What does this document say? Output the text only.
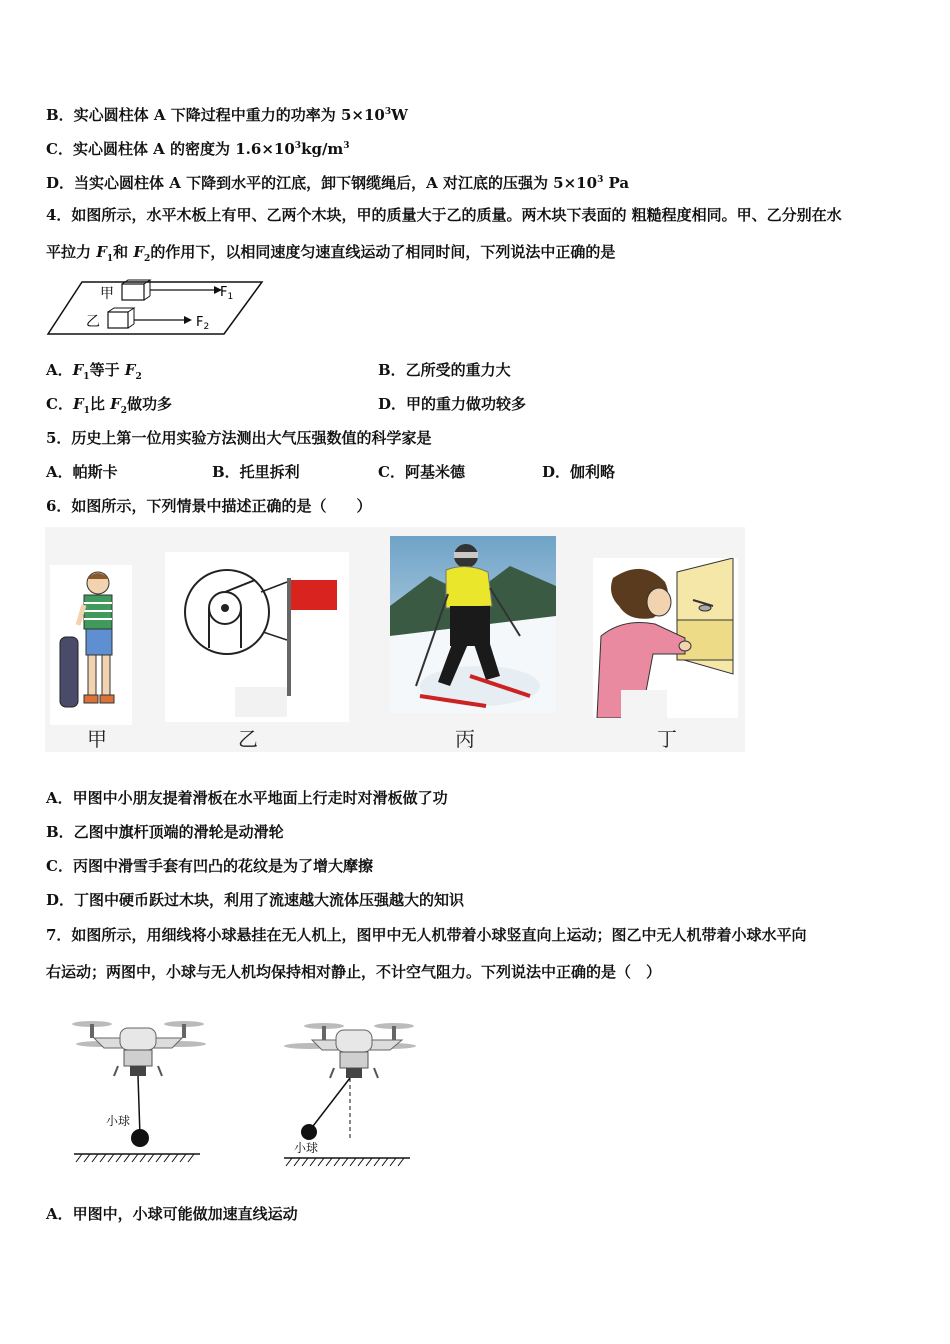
B．实心圆柱体 A 下降过程中重力的功率为 $5\times 10^3W$
C．实心圆柱体 A 的密度为 $1.6\times 10^3kg/m^3$
D．当实心圆柱体 A 下降到水平的江底，卸下钢缆绳后，A 对江底的压强为 $5\times 10^3$ Pa
4．如图所示，水平木板上有甲、乙两个木块，甲的质量大于乙的质量。两木块下表面的 粗糙程度相同。甲、乙分别在水
平拉力 $F_1$和 $F_2$的作用下，以相同速度匀速直线运动了相同时间，下列说法中正确的是
甲
乙
$F_1$
$F_2$
A．$F_1$等于 $F_2$	B．乙所受的重力大
C．$F_1$比 $F_2$做功多	D．甲的重力做功较多
5．历史上第一位用实验方法测出大气压强数值的科学家是
A．帕斯卡	B．托里拆利	C．阿基米德	D．伽利略
6．如图所示，下列情景中描述正确的是（　　）
甲	乙	丙	丁
A．甲图中小朋友提着滑板在水平地面上行走时对滑板做了功
B．乙图中旗杆顶端的滑轮是动滑轮
C．丙图中滑雪手套有凹凸的花纹是为了增大摩擦
D．丁图中硬币跃过木块，利用了流速越大流体压强越大的知识
7．如图所示，用细线将小球悬挂在无人机上，图甲中无人机带着小球竖直向上运动；图乙中无人机带着小球水平向
右运动；两图中，小球与无人机均保持相对静止，不计空气阻力。下列说法中正确的是（　）
小球
小球
A．甲图中，小球可能做加速直线运动
